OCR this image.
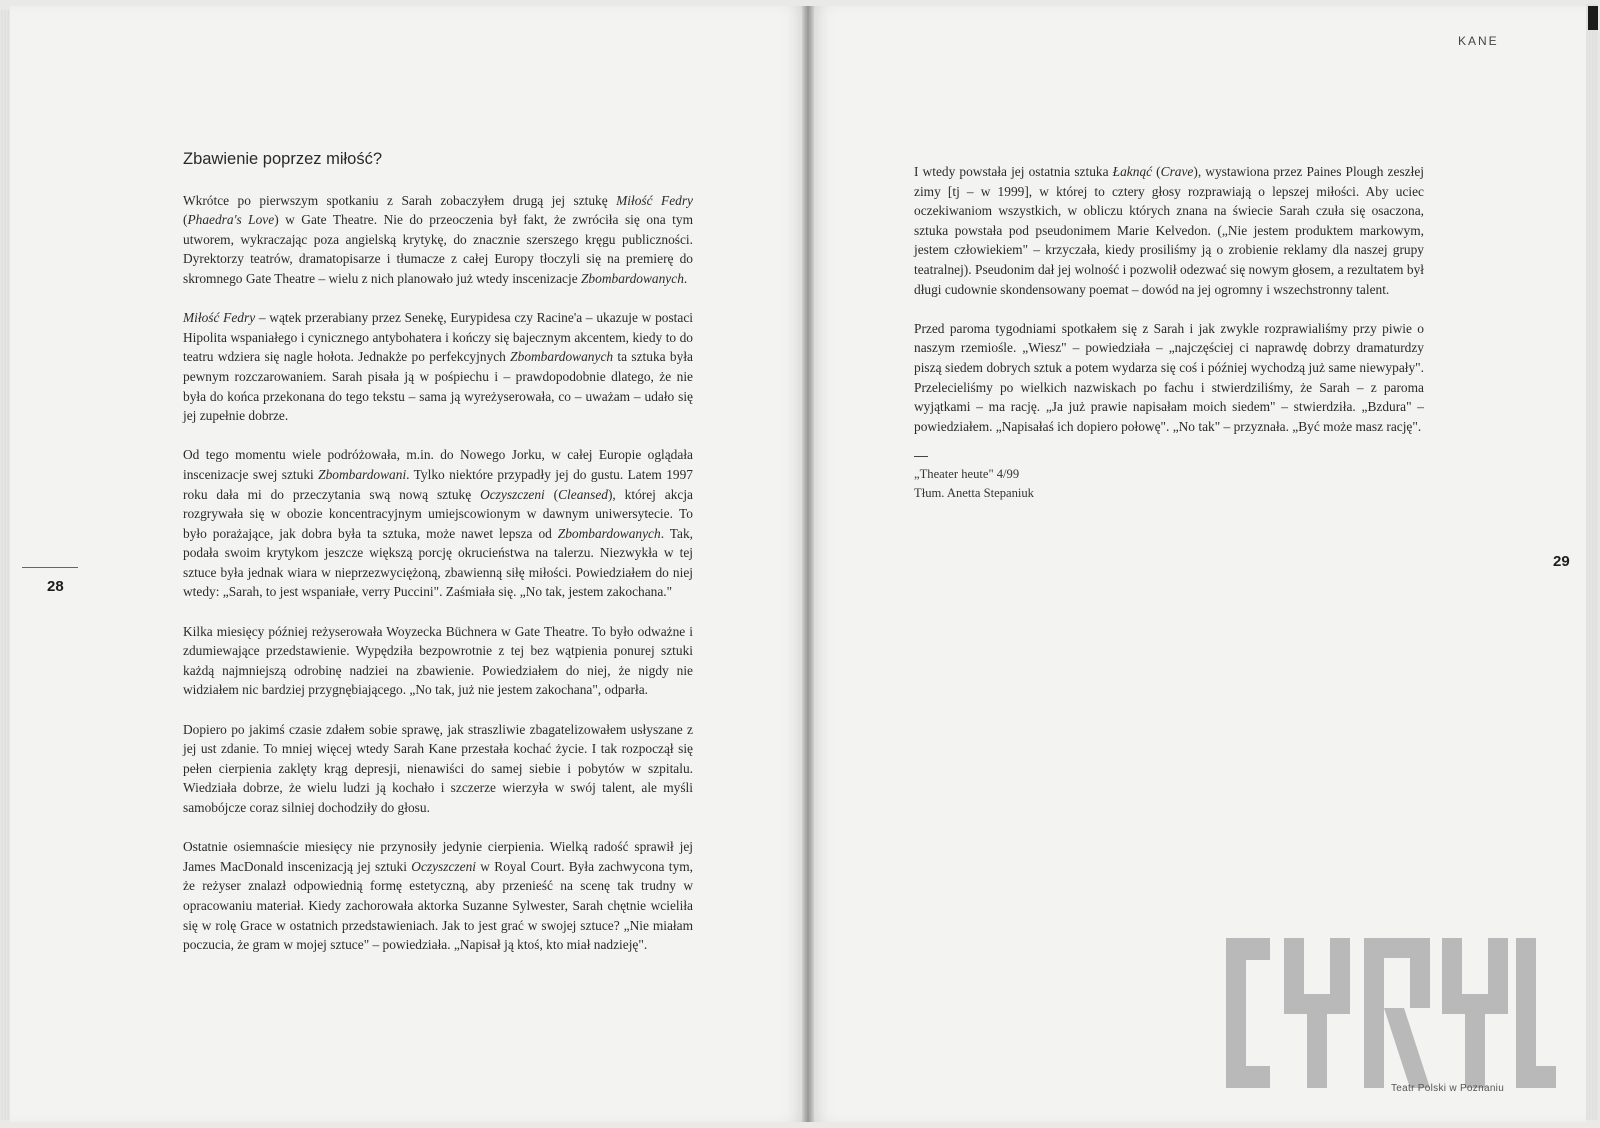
28
29
KANE
Zbawienie poprzez miłość?

Wkrótce po pierwszym spotkaniu z Sarah zobaczyłem drugą jej sztukę Miłość Fedry (Phaedra's Love) w Gate Theatre. Nie do przeoczenia był fakt, że zwróciła się ona tym utworem, wykraczając poza angielską krytykę, do znacznie szerszego kręgu publiczności. Dyrektorzy teatrów, dramatopisarze i tłumacze z całej Europy tłoczyli się na premierę do skromnego Gate Theatre – wielu z nich planowało już wtedy inscenizacje Zbombardowanych.

Miłość Fedry – wątek przerabiany przez Senekę, Eurypidesa czy Racine'a – ukazuje w postaci Hipolita wspaniałego i cynicznego antybohatera i kończy się bajecznym akcentem, kiedy to do teatru wdziera się nagle hołota. Jednakże po perfekcyjnych Zbombardowanych ta sztuka była pewnym rozczarowaniem. Sarah pisała ją w pośpiechu i – prawdopodobnie dlatego, że nie była do końca przekonana do tego tekstu – sama ją wyreżyserowała, co – uważam – udało się jej zupełnie dobrze.

Od tego momentu wiele podróżowała, m.in. do Nowego Jorku, w całej Europie oglądała inscenizacje swej sztuki Zbombardowani. Tylko niektóre przypadły jej do gustu. Latem 1997 roku dała mi do przeczytania swą nową sztukę Oczyszczeni (Cleansed), której akcja rozgrywała się w obozie koncentracyjnym umiejscowionym w dawnym uniwersytecie. To było porażające, jak dobra była ta sztuka, może nawet lepsza od Zbombardowanych. Tak, podała swoim krytykom jeszcze większą porcję okrucieństwa na talerzu. Niezwykła w tej sztuce była jednak wiara w nieprzezwyciężoną, zbawienną siłę miłości. Powiedziałem do niej wtedy: „Sarah, to jest wspaniałe, verry Puccini". Zaśmiała się. „No tak, jestem zakochana."

Kilka miesięcy później reżyserowała Woyzecka Büchnera w Gate Theatre. To było odważne i zdumiewające przedstawienie. Wypędziła bezpowrotnie z tej bez wątpienia ponurej sztuki każdą najmniejszą odrobinę nadziei na zbawienie. Powiedziałem do niej, że nigdy nie widziałem nic bardziej przygnębiającego. „No tak, już nie jestem zakochana", odparła.

Dopiero po jakimś czasie zdałem sobie sprawę, jak straszliwie zbagatelizowałem usłyszane z jej ust zdanie. To mniej więcej wtedy Sarah Kane przestała kochać życie. I tak rozpoczął się pełen cierpienia zaklęty krąg depresji, nienawiści do samej siebie i pobytów w szpitalu. Wiedziała dobrze, że wielu ludzi ją kochało i szczerze wierzyła w swój talent, ale myśli samobójcze coraz silniej dochodziły do głosu.

Ostatnie osiemnaście miesięcy nie przynosiły jedynie cierpienia. Wielką radość sprawił jej James MacDonald inscenizacją jej sztuki Oczyszczeni w Royal Court. Była zachwycona tym, że reżyser znalazł odpowiednią formę estetyczną, aby przenieść na scenę tak trudny w opracowaniu materiał. Kiedy zachorowała aktorka Suzanne Sylwester, Sarah chętnie wcieliła się w rolę Grace w ostatnich przedstawieniach. Jak to jest grać w swojej sztuce? „Nie miałam poczucia, że gram w mojej sztuce" – powiedziała. „Napisał ją ktoś, kto miał nadzieję".

I wtedy powstała jej ostatnia sztuka Łaknąć (Crave), wystawiona przez Paines Plough zeszłej zimy [tj – w 1999], w której to cztery głosy rozprawiają o lepszej miłości. Aby uciec oczekiwaniom wszystkich, w obliczu których znana na świecie Sarah czuła się osaczona, sztuka powstała pod pseudonimem Marie Kelvedon. („Nie jestem produktem markowym, jestem człowiekiem" – krzyczała, kiedy prosiliśmy ją o zrobienie reklamy dla naszej grupy teatralnej). Pseudonim dał jej wolność i pozwolił odezwać się nowym głosem, a rezultatem był długi cudownie skondensowany poemat – dowód na jej ogromny i wszechstronny talent.

Przed paroma tygodniami spotkałem się z Sarah i jak zwykle rozprawialiśmy przy piwie o naszym rzemiośle. „Wiesz" – powiedziała – „najczęściej ci naprawdę dobrzy dramaturdzy piszą siedem dobrych sztuk a potem wydarza się coś i później wychodzą już same niewypały". Przelecieliśmy po wielkich nazwiskach po fachu i stwierdziliśmy, że Sarah – z paroma wyjątkami – ma rację. „Ja już prawie napisałam moich siedem" – stwierdziła. „Bzdura" – powiedziałem. „Napisałaś ich dopiero połowę". „No tak" – przyznała. „Być może masz rację".

„Theater heute" 4/99
Tłum. Anetta Stepaniuk
Teatr Polski w Poznaniu
